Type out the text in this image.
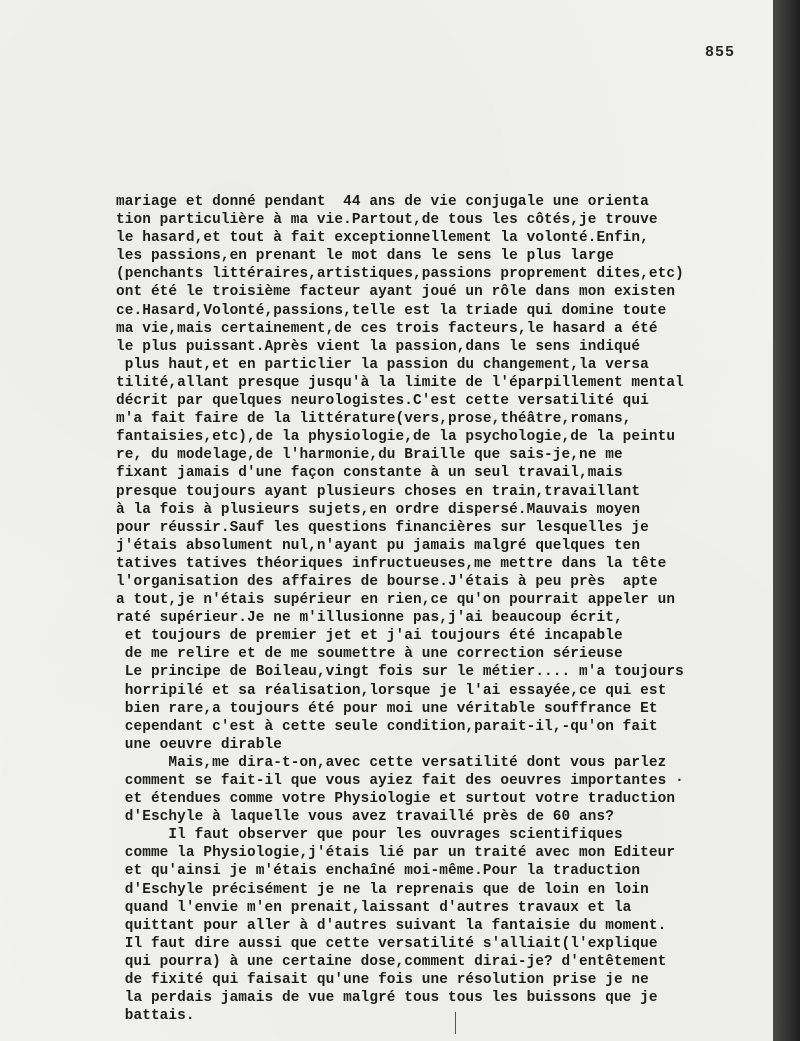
855
mariage et donné pendant  44 ans de vie conjugale une orienta
tion particulière à ma vie.Partout,de tous les côtés,je trouve
le hasard,et tout à fait exceptionnellement la volonté.Enfin,
les passions,en prenant le mot dans le sens le plus large
(penchants littéraires,artistiques,passions proprement dites,etc)
ont été le troisième facteur ayant joué un rôle dans mon existen
ce.Hasard,Volonté,passions,telle est la triade qui domine toute
ma vie,mais certainement,de ces trois facteurs,le hasard a été
le plus puissant.Après vient la passion,dans le sens indiqué
plus haut,et en particlier la passion du changement,la versa
tilité,allant presque jusqu'à la limite de l'éparpillement mental
décrit par quelques neurologistes.C'est cette versatilité qui
m'a fait faire de la littérature(vers,prose,théâtre,romans,
fantaisies,etc),de la physiologie,de la psychologie,de la peintu
re, du modelage,de l'harmonie,du Braille que sais-je,ne me
fixant jamais d'une façon constante à un seul travail,mais
presque toujours ayant plusieurs choses en train,travaillant
à la fois à plusieurs sujets,en ordre dispersé.Mauvais moyen
pour réussir.Sauf les questions financières sur lesquelles je
j'étais absolument nul,n'ayant pu jamais malgré quelques ten
tatives tatives théoriques infructueuses,me mettre dans la tête
l'organisation des affaires de bourse.J'étais à peu près  apte
a tout,je n'étais supérieur en rien,ce qu'on pourrait appeler un
raté supérieur.Je ne m'illusionne pas,j'ai beaucoup écrit,
et toujours de premier jet et j'ai toujours été incapable
de me relire et de me soumettre à une correction sérieuse
Le principe de Boileau,vingt fois sur le métier.... m'a toujours
horripilé et sa réalisation,lorsque je l'ai essayée,ce qui est
bien rare,a toujours été pour moi une véritable souffrance Et
cependant c'est à cette seule condition,parait-il,-qu'on fait
une oeuvre dirable
Mais,me dira-t-on,avec cette versatilité dont vous parlez
comment se fait-il que vous ayiez fait des oeuvres importantes ·
et étendues comme votre Physiologie et surtout votre traduction
d'Eschyle à laquelle vous avez travaillé près de 60 ans?
Il faut observer que pour les ouvrages scientifiques
comme la Physiologie,j'étais lié par un traité avec mon Editeur
et qu'ainsi je m'étais enchaîné moi-même.Pour la traduction
d'Eschyle précisément je ne la reprenais que de loin en loin
quand l'envie m'en prenait,laissant d'autres travaux et la
quittant pour aller à d'autres suivant la fantaisie du moment.
Il faut dire aussi que cette versatilité s'alliait(l'explique
qui pourra) à une certaine dose,comment dirai-je? d'entêtement
de fixité qui faisait qu'une fois une résolution prise je ne
la perdais jamais de vue malgré tous tous les buissons que je
battais.
